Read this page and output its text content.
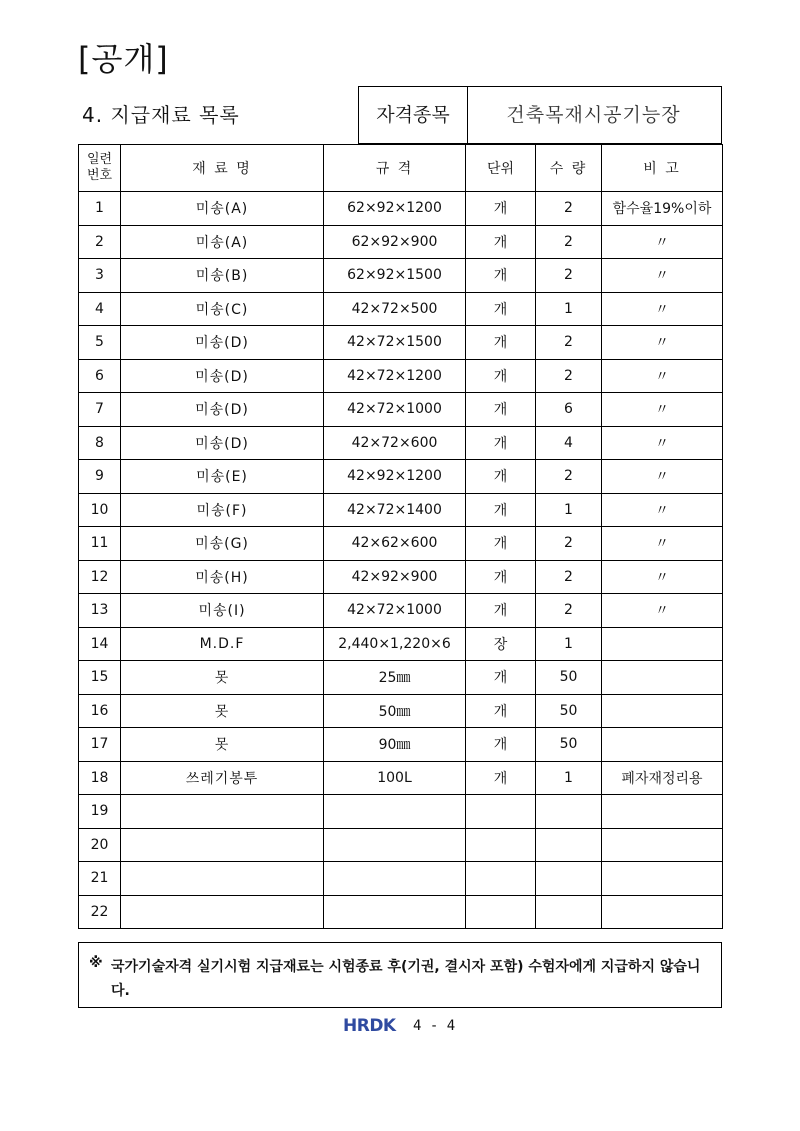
[공개]
4. 지급재료 목록	자격종목	건축목재시공기능장
일련
번호	재 료 명	규 격	단위	수 량	비 고
1	미송(A)	62×92×1200	개	2	함수율19%이하
2	미송(A)	62×92×900	개	2	〃
3	미송(B)	62×92×1500	개	2	〃
4	미송(C)	42×72×500	개	1	〃
5	미송(D)	42×72×1500	개	2	〃
6	미송(D)	42×72×1200	개	2	〃
7	미송(D)	42×72×1000	개	6	〃
8	미송(D)	42×72×600	개	4	〃
9	미송(E)	42×92×1200	개	2	〃
10	미송(F)	42×72×1400	개	1	〃
11	미송(G)	42×62×600	개	2	〃
12	미송(H)	42×92×900	개	2	〃
13	미송(I)	42×72×1000	개	2	〃
14	M.D.F	2,440×1,220×6	장	1	
15	못	25㎜	개	50	
16	못	50㎜	개	50	
17	못	90㎜	개	50	
18	쓰레기봉투	100L	개	1	폐자재정리용
19					
20					
21					
22					
※ 국가기술자격 실기시험 지급재료는 시험종료 후(기권, 결시자 포함) 수험자에게 지급하지 않습니다.
HRDK 4 - 4
